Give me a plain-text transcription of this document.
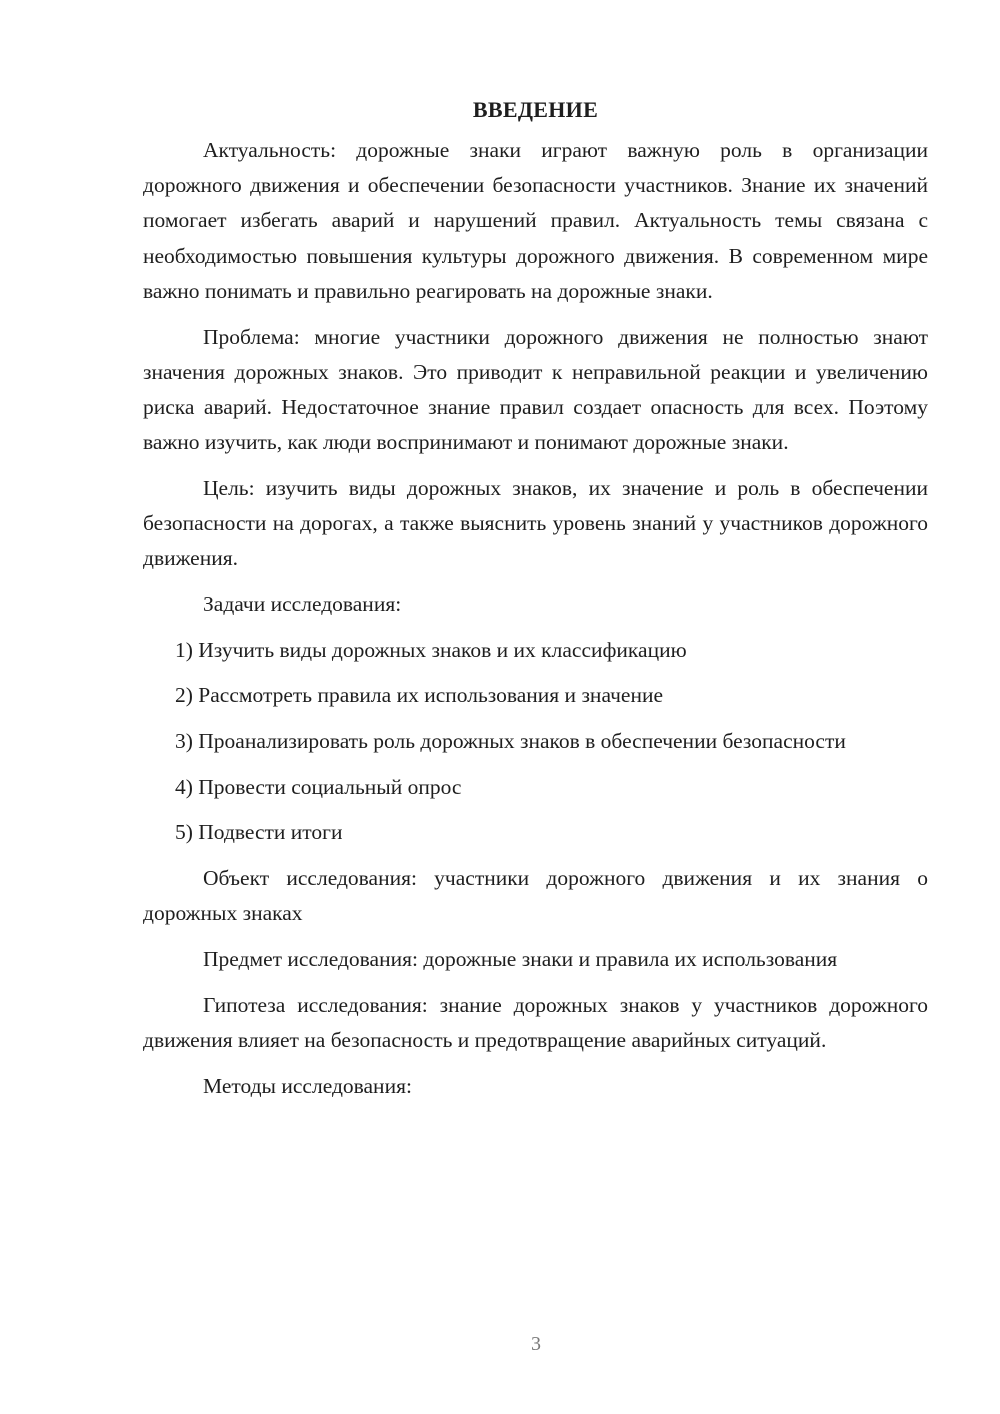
ВВЕДЕНИЕ

Актуальность: дорожные знаки играют важную роль в организации дорожного движения и обеспечении безопасности участников. Знание их значений помогает избегать аварий и нарушений правил. Актуальность темы связана с необходимостью повышения культуры дорожного движения. В современном мире важно понимать и правильно реагировать на дорожные знаки.

Проблема: многие участники дорожного движения не полностью знают значения дорожных знаков. Это приводит к неправильной реакции и увеличению риска аварий. Недостаточное знание правил создает опасность для всех. Поэтому важно изучить, как люди воспринимают и понимают дорожные знаки.

Цель: изучить виды дорожных знаков, их значение и роль в обеспечении безопасности на дорогах, а также выяснить уровень знаний у участников дорожного движения.

Задачи исследования:

1) Изучить виды дорожных знаков и их классификацию

2) Рассмотреть правила их использования и значение

3) Проанализировать роль дорожных знаков в обеспечении безопасности

4) Провести социальный опрос

5) Подвести итоги

Объект исследования: участники дорожного движения и их знания о дорожных знаках

Предмет исследования: дорожные знаки и правила их использования

Гипотеза исследования: знание дорожных знаков у участников дорожного движения влияет на безопасность и предотвращение аварийных ситуаций.

Методы исследования:

3
